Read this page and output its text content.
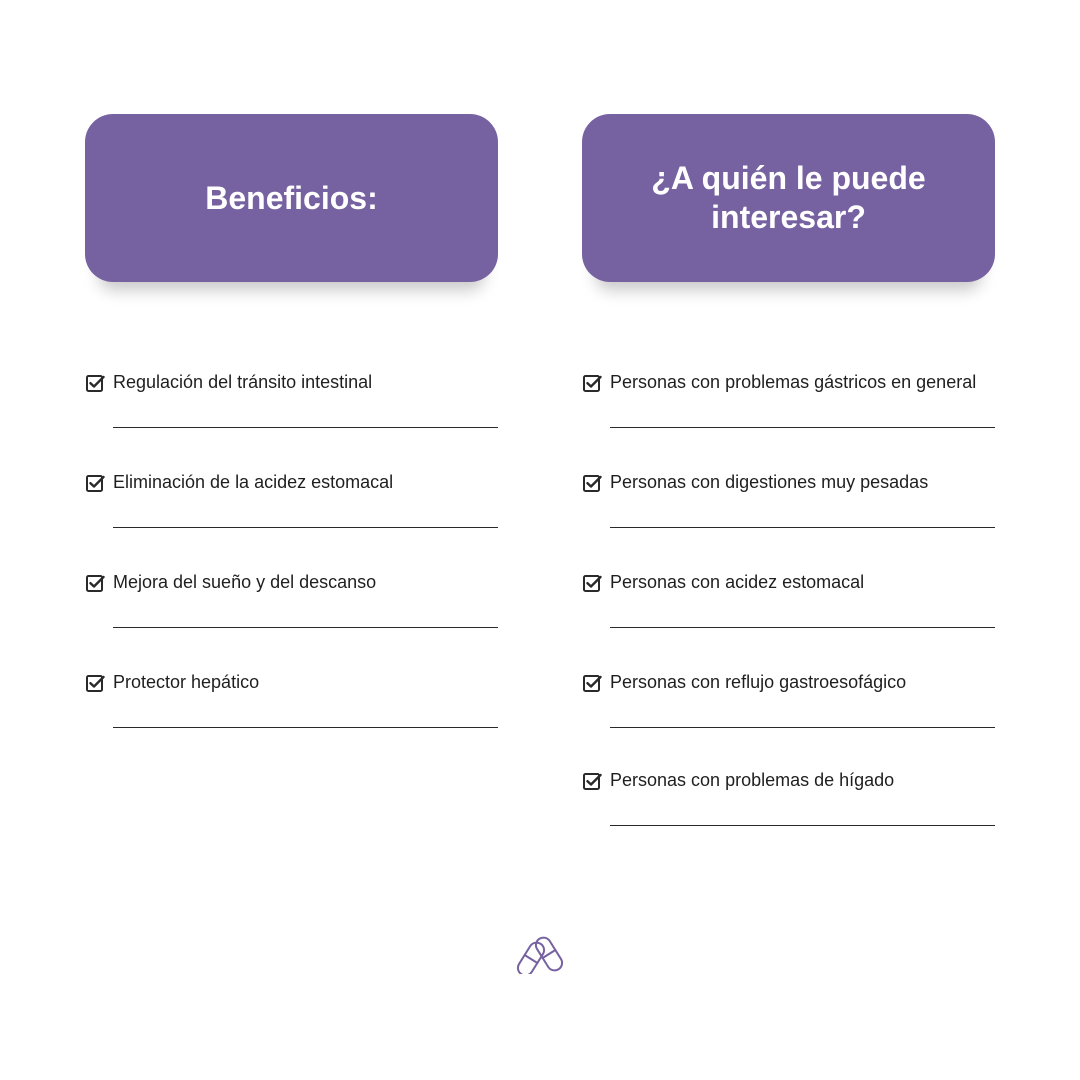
Beneficios:
¿A quién le puede interesar?
Regulación del tránsito intestinal
Eliminación de la acidez estomacal
Mejora del sueño y del descanso
Protector hepático
Personas con problemas gástricos en general
Personas con digestiones muy pesadas
Personas con acidez estomacal
Personas con reflujo gastroesofágico
Personas con problemas de hígado
